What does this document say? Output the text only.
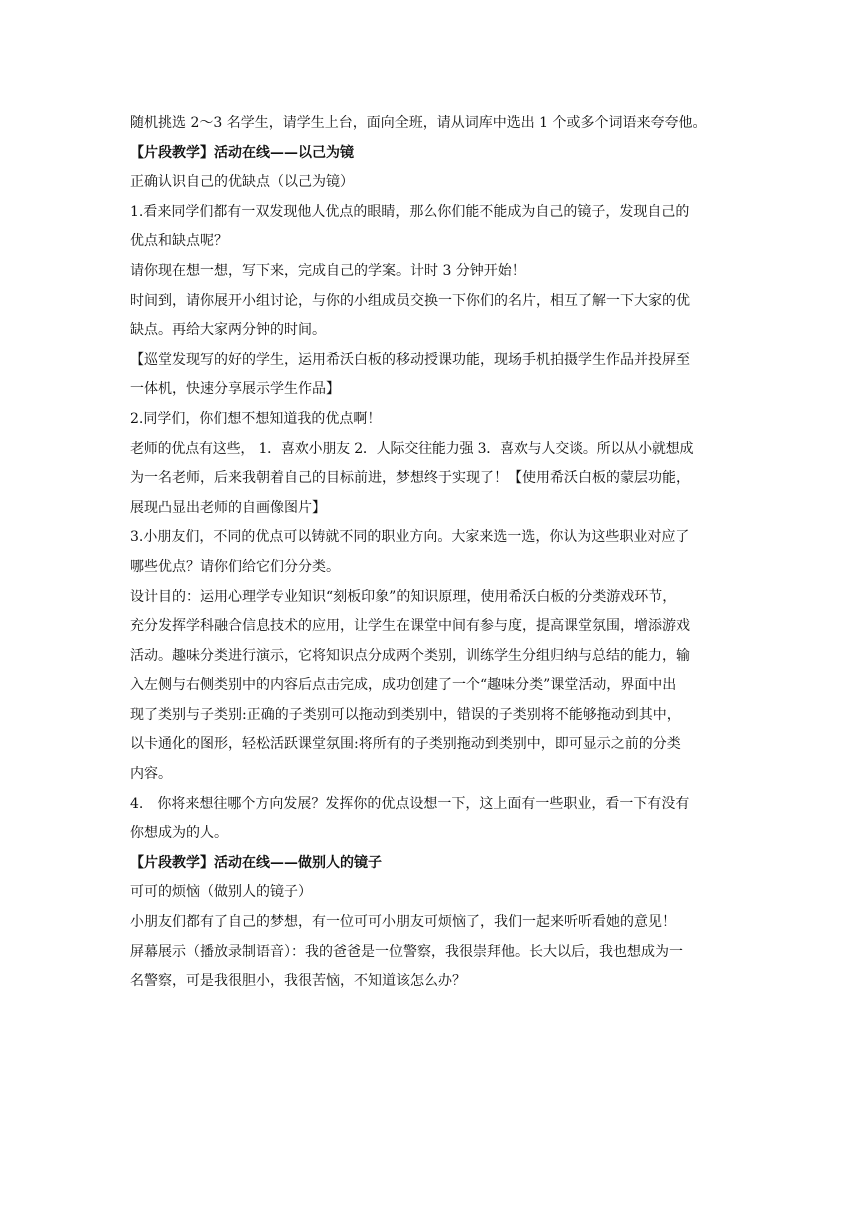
随机挑选 2～3 名学生，请学生上台，面向全班，请从词库中选出 1 个或多个词语来夸夸他。
【片段教学】活动在线——以己为镜
正确认识自己的优缺点（以己为镜）
1.看来同学们都有一双发现他人优点的眼睛，那么你们能不能成为自己的镜子，发现自己的
优点和缺点呢？
请你现在想一想，写下来，完成自己的学案。计时 3 分钟开始！
时间到，请你展开小组讨论，与你的小组成员交换一下你们的名片，相互了解一下大家的优
缺点。再给大家两分钟的时间。
【巡堂发现写的好的学生，运用希沃白板的移动授课功能，现场手机拍摄学生作品并投屏至
一体机，快速分享展示学生作品】
2.同学们，你们想不想知道我的优点啊！
老师的优点有这些， 1．喜欢小朋友 2．人际交往能力强 3．喜欢与人交谈。所以从小就想成
为一名老师，后来我朝着自己的目标前进，梦想终于实现了！【使用希沃白板的蒙层功能，
展现凸显出老师的自画像图片】
3.小朋友们，不同的优点可以铸就不同的职业方向。大家来选一选，你认为这些职业对应了
哪些优点？请你们给它们分分类。
设计目的：运用心理学专业知识“刻板印象”的知识原理，使用希沃白板的分类游戏环节，
充分发挥学科融合信息技术的应用，让学生在课堂中间有参与度，提高课堂氛围，增添游戏
活动。趣味分类进行演示，它将知识点分成两个类别，训练学生分组归纳与总结的能力，输
入左侧与右侧类别中的内容后点击完成，成功创建了一个“趣味分类”课堂活动，界面中出
现了类别与子类别:正确的子类别可以拖动到类别中，错误的子类别将不能够拖动到其中，
以卡通化的图形，轻松活跃课堂氛围:将所有的子类别拖动到类别中，即可显示之前的分类
内容。
4.　你将来想往哪个方向发展？发挥你的优点设想一下，这上面有一些职业，看一下有没有
你想成为的人。
【片段教学】活动在线——做别人的镜子
可可的烦恼（做别人的镜子）
小朋友们都有了自己的梦想，有一位可可小朋友可烦恼了，我们一起来听听看她的意见！
屏幕展示（播放录制语音）：我的爸爸是一位警察，我很崇拜他。长大以后，我也想成为一
名警察，可是我很胆小，我很苦恼，不知道该怎么办？
